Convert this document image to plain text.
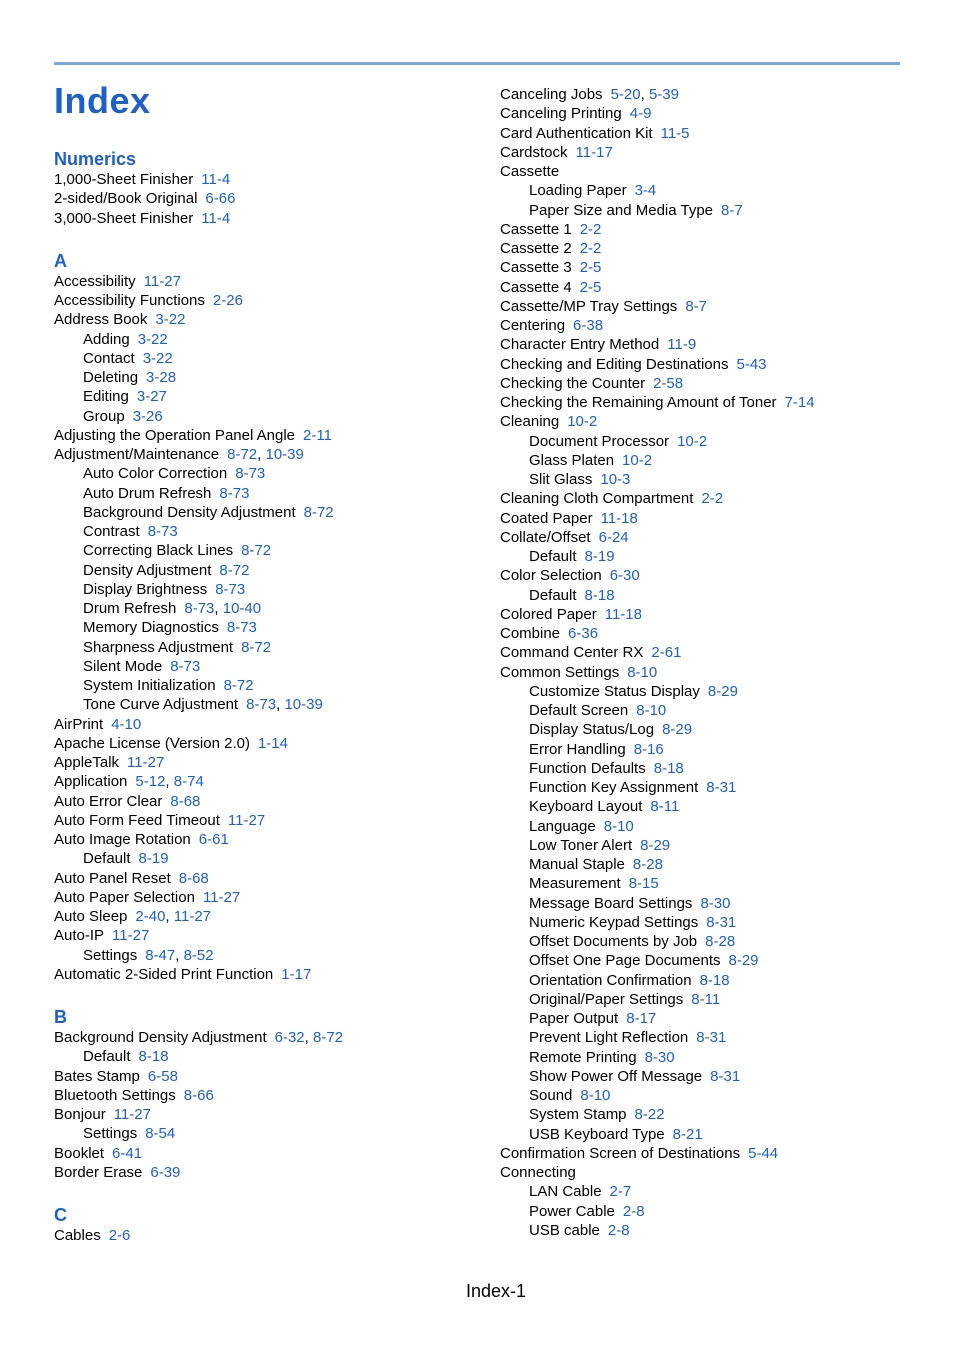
Index
Numerics
1,000-Sheet Finisher 11-4
2-sided/Book Original 6-66
3,000-Sheet Finisher 11-4
A
Accessibility 11-27
Accessibility Functions 2-26
Address Book 3-22
Adding 3-22
Contact 3-22
Deleting 3-28
Editing 3-27
Group 3-26
Adjusting the Operation Panel Angle 2-11
Adjustment/Maintenance 8-72, 10-39
Auto Color Correction 8-73
Auto Drum Refresh 8-73
Background Density Adjustment 8-72
Contrast 8-73
Correcting Black Lines 8-72
Density Adjustment 8-72
Display Brightness 8-73
Drum Refresh 8-73, 10-40
Memory Diagnostics 8-73
Sharpness Adjustment 8-72
Silent Mode 8-73
System Initialization 8-72
Tone Curve Adjustment 8-73, 10-39
AirPrint 4-10
Apache License (Version 2.0) 1-14
AppleTalk 11-27
Application 5-12, 8-74
Auto Error Clear 8-68
Auto Form Feed Timeout 11-27
Auto Image Rotation 6-61
Default 8-19
Auto Panel Reset 8-68
Auto Paper Selection 11-27
Auto Sleep 2-40, 11-27
Auto-IP 11-27
Settings 8-47, 8-52
Automatic 2-Sided Print Function 1-17
B
Background Density Adjustment 6-32, 8-72
Default 8-18
Bates Stamp 6-58
Bluetooth Settings 8-66
Bonjour 11-27
Settings 8-54
Booklet 6-41
Border Erase 6-39
C
Cables 2-6
Canceling Jobs 5-20, 5-39
Canceling Printing 4-9
Card Authentication Kit 11-5
Cardstock 11-17
Cassette
Loading Paper 3-4
Paper Size and Media Type 8-7
Cassette 1 2-2
Cassette 2 2-2
Cassette 3 2-5
Cassette 4 2-5
Cassette/MP Tray Settings 8-7
Centering 6-38
Character Entry Method 11-9
Checking and Editing Destinations 5-43
Checking the Counter 2-58
Checking the Remaining Amount of Toner 7-14
Cleaning 10-2
Document Processor 10-2
Glass Platen 10-2
Slit Glass 10-3
Cleaning Cloth Compartment 2-2
Coated Paper 11-18
Collate/Offset 6-24
Default 8-19
Color Selection 6-30
Default 8-18
Colored Paper 11-18
Combine 6-36
Command Center RX 2-61
Common Settings 8-10
Customize Status Display 8-29
Default Screen 8-10
Display Status/Log 8-29
Error Handling 8-16
Function Defaults 8-18
Function Key Assignment 8-31
Keyboard Layout 8-11
Language 8-10
Low Toner Alert 8-29
Manual Staple 8-28
Measurement 8-15
Message Board Settings 8-30
Numeric Keypad Settings 8-31
Offset Documents by Job 8-28
Offset One Page Documents 8-29
Orientation Confirmation 8-18
Original/Paper Settings 8-11
Paper Output 8-17
Prevent Light Reflection 8-31
Remote Printing 8-30
Show Power Off Message 8-31
Sound 8-10
System Stamp 8-22
USB Keyboard Type 8-21
Confirmation Screen of Destinations 5-44
Connecting
LAN Cable 2-7
Power Cable 2-8
USB cable 2-8
Index-1
